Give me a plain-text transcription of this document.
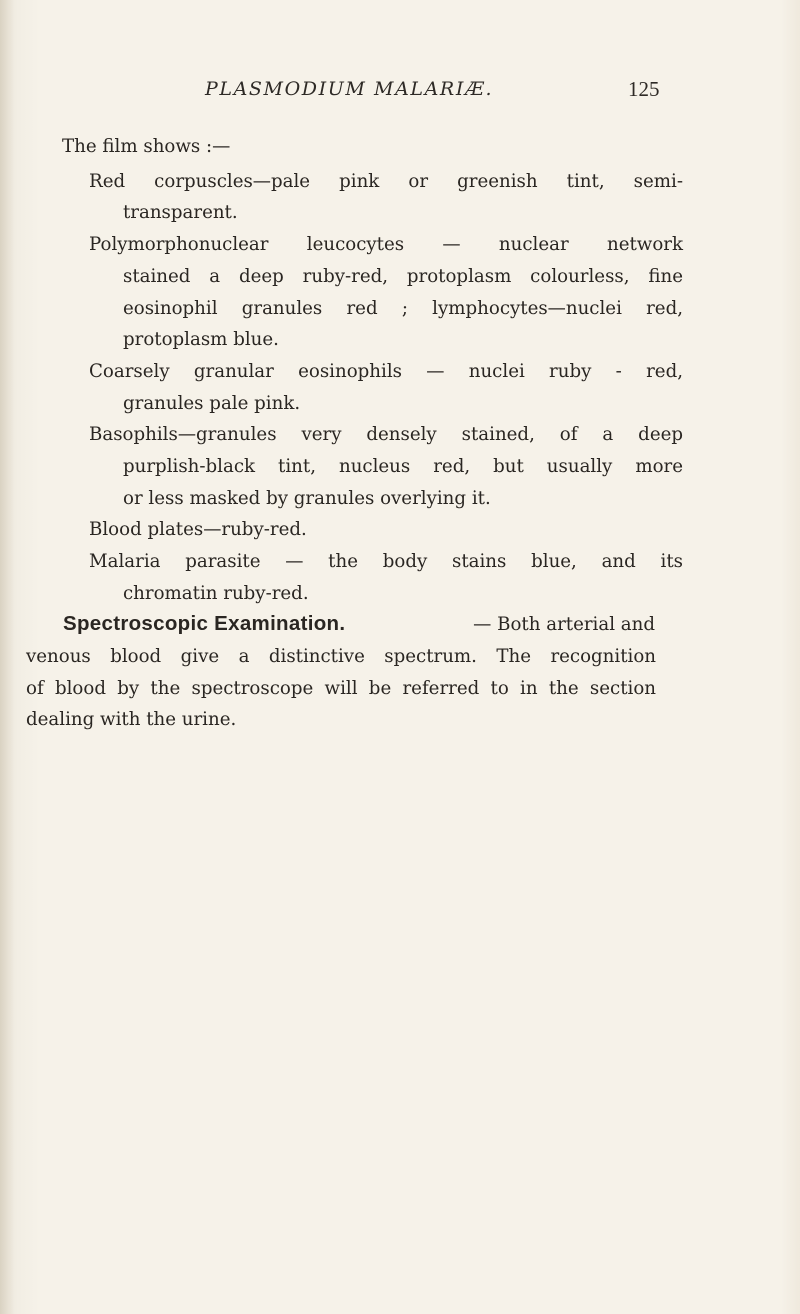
PLASMODIUM MALARIÆ.	125
The film shows :—
Red corpuscles—pale pink or greenish tint, semi-
transparent.
Polymorphonuclear leucocytes — nuclear network
stained a deep ruby-red, protoplasm colourless, fine
eosinophil granules red ; lymphocytes—nuclei red,
protoplasm blue.
Coarsely granular eosinophils — nuclei ruby - red,
granules pale pink.
Basophils—granules very densely stained, of a deep
purplish-black tint, nucleus red, but usually more
or less masked by granules overlying it.
Blood plates—ruby-red.
Malaria parasite — the body stains blue, and its
chromatin ruby-red.
Spectroscopic Examination.	— Both arterial and
venous blood give a distinctive spectrum. The recognition
of blood by the spectroscope will be referred to in the section
dealing with the urine.
